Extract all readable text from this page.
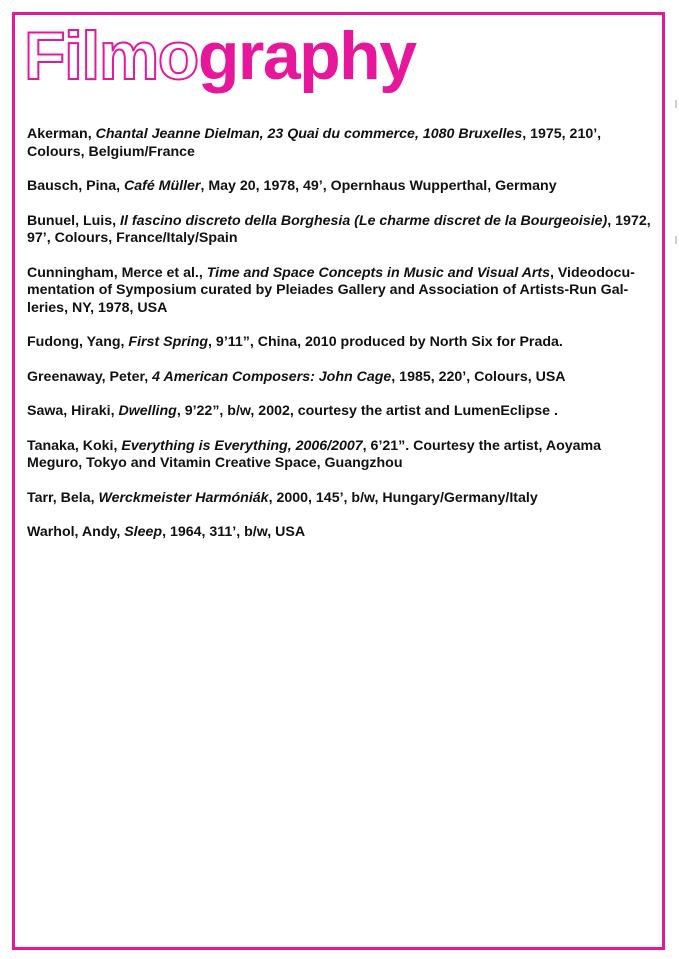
Filmography

Akerman, Chantal Jeanne Dielman, 23 Quai du commerce, 1080 Bruxelles, 1975, 210’, Colours, Belgium/France

Bausch, Pina, Café Müller, May 20, 1978, 49’, Opernhaus Wupperthal, Germany

Bunuel, Luis, Il fascino discreto della Borghesia (Le charme discret de la Bourgeoisie), 1972, 97’, Colours, France/Italy/Spain

Cunningham, Merce et al., Time and Space Concepts in Music and Visual Arts, Videodocumentation of Symposium curated by Pleiades Gallery and Association of Artists-Run Galleries, NY, 1978, USA

Fudong, Yang, First Spring, 9’11”, China, 2010 produced by North Six for Prada.

Greenaway, Peter, 4 American Composers: John Cage, 1985, 220’, Colours, USA

Sawa, Hiraki, Dwelling, 9’22”, b/w, 2002, courtesy the artist and LumenEclipse .

Tanaka, Koki, Everything is Everything, 2006/2007, 6’21”. Courtesy the artist, Aoyama Meguro, Tokyo and Vitamin Creative Space, Guangzhou

Tarr, Bela, Werckmeister Harmóniák, 2000, 145’, b/w, Hungary/Germany/Italy

Warhol, Andy, Sleep, 1964, 311’, b/w, USA
